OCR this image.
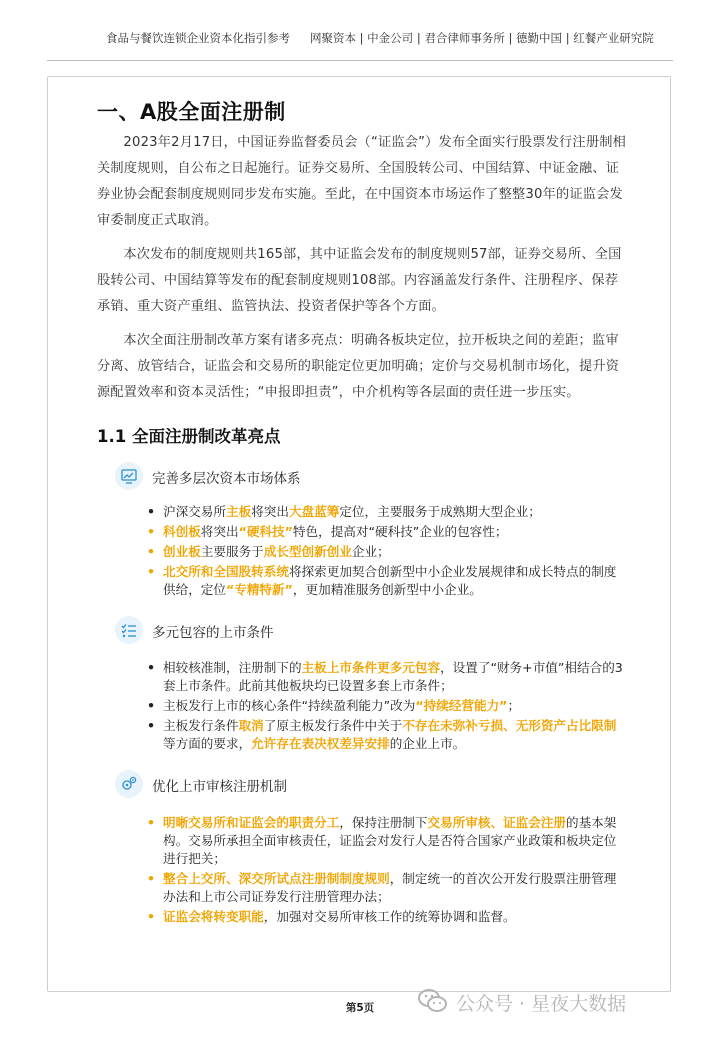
食品与餐饮连锁企业资本化指引参考 网聚资本 | 中金公司 | 君合律师事务所 | 德勤中国 | 红餐产业研究院
一、A股全面注册制

2023年2月17日，中国证券监督委员会（“证监会”）发布全面实行股票发行注册制相关制度规则，自公布之日起施行。证券交易所、全国股转公司、中国结算、中证金融、证券业协会配套制度规则同步发布实施。至此，在中国资本市场运作了整整30年的证监会发审委制度正式取消。

本次发布的制度规则共165部，其中证监会发布的制度规则57部，证券交易所、全国股转公司、中国结算等发布的配套制度规则108部。内容涵盖发行条件、注册程序、保荐承销、重大资产重组、监管执法、投资者保护等各个方面。

本次全面注册制改革方案有诸多亮点：明确各板块定位，拉开板块之间的差距；监审分离、放管结合，证监会和交易所的职能定位更加明确；定价与交易机制市场化，提升资源配置效率和资本灵活性；“申报即担责”，中介机构等各层面的责任进一步压实。

1.1 全面注册制改革亮点
完善多层次资本市场体系
• 沪深交易所主板将突出大盘蓝筹定位，主要服务于成熟期大型企业；
• 科创板将突出“硬科技”特色，提高对“硬科技”企业的包容性；
• 创业板主要服务于成长型创新创业企业；
• 北交所和全国股转系统将探索更加契合创新型中小企业发展规律和成长特点的制度供给，定位“专精特新”，更加精准服务创新型中小企业。
多元包容的上市条件
• 相较核准制，注册制下的主板上市条件更多元包容，设置了“财务+市值”相结合的3套上市条件。此前其他板块均已设置多套上市条件；
• 主板发行上市的核心条件“持续盈利能力”改为“持续经营能力”；
• 主板发行条件取消了原主板发行条件中关于不存在未弥补亏损、无形资产占比限制等方面的要求，允许存在表决权差异安排的企业上市。
优化上市审核注册机制
• 明晰交易所和证监会的职责分工，保持注册制下交易所审核、证监会注册的基本架构。交易所承担全面审核责任，证监会对发行人是否符合国家产业政策和板块定位进行把关；
• 整合上交所、深交所试点注册制制度规则，制定统一的首次公开发行股票注册管理办法和上市公司证券发行注册管理办法；
• 证监会将转变职能，加强对交易所审核工作的统筹协调和监督。
第5页	公众号 · 星夜大数据
